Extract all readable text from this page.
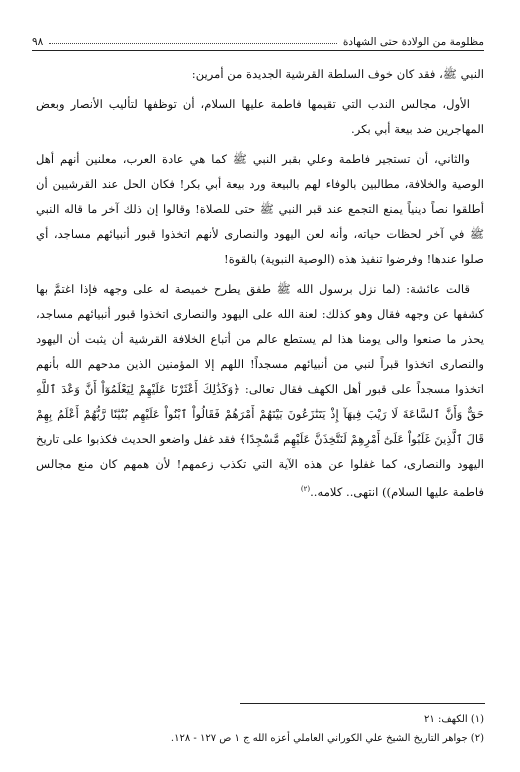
٩٨	مظلومة من الولادة حتى الشهادة

النبي ﷺ، فقد كان خوف السلطة القرشية الجديدة من أمرين:

الأول، مجالس الندب التي تقيمها فاطمة عليها السلام، أن توظفها لتأليب الأنصار وبعض المهاجرين ضد بيعة أبي بكر.

والثاني، أن تستجير فاطمة وعلي بقبر النبي ﷺ كما هي عادة العرب، معلنين أنهم أهل الوصية والخلافة، مطالبين بالوفاء لهم بالبيعة ورد بيعة أبي بكر! فكان الحل عند القرشيين أن أطلقوا نصاً دينياً يمنع التجمع عند قبر النبي ﷺ حتى للصلاة! وقالوا إن ذلك آخر ما قاله النبي ﷺ في آخر لحظات حياته، وأنه لعن اليهود والنصارى لأنهم اتخذوا قبور أنبيائهم مساجد، أي صلوا عندها! وفرضوا تنفيذ هذه (الوصية النبوية) بالقوة!

قالت عائشة: (لما نزل برسول الله ﷺ طفق يطرح خميصة له على وجهه فإذا اغتمَّ بها كشفها عن وجهه فقال وهو كذلك: لعنة الله على اليهود والنصارى اتخذوا قبور أنبيائهم مساجد، يحذر ما صنعوا والى يومنا هذا لم يستطع عالم من أتباع الخلافة القرشية أن يثبت أن اليهود والنصارى اتخذوا قبراً لنبي من أنبيائهم مسجداً! اللهم إلا المؤمنين الذين مدحهم الله بأنهم اتخذوا مسجداً على قبور أهل الكهف فقال تعالى: ﴿وَكَذَٰلِكَ أَعْثَرْنَا عَلَيْهِمْ لِيَعْلَمُوٓاْ أَنَّ وَعْدَ ٱللَّهِ حَقٌّ وَأَنَّ ٱلسَّاعَةَ لَا رَيْبَ فِيهَآ إِذْ يَتَنَٰزَعُونَ بَيْنَهُمْ أَمْرَهُمْ فَقَالُواْ ٱبْنُواْ عَلَيْهِم بُنْيَٰنًا رَّبُّهُمْ أَعْلَمُ بِهِمْ قَالَ ٱلَّذِينَ غَلَبُواْ عَلَىٰٓ أَمْرِهِمْ لَنَتَّخِذَنَّ عَلَيْهِم مَّسْجِدًا﴾ فقد غفل واضعو الحديث فكذبوا على تاريخ اليهود والنصارى، كما غفلوا عن هذه الآية التي تكذب زعمهم! لأن همهم كان منع مجالس فاطمة عليها السلام)) انتهى.. كلامه..$^{(٢)}$

(١) الكهف: ٢١
(٢) جواهر التاريخ الشيخ علي الكوراني العاملي أعزه الله ج ١ ص ١٢٧ - ١٢٨.
